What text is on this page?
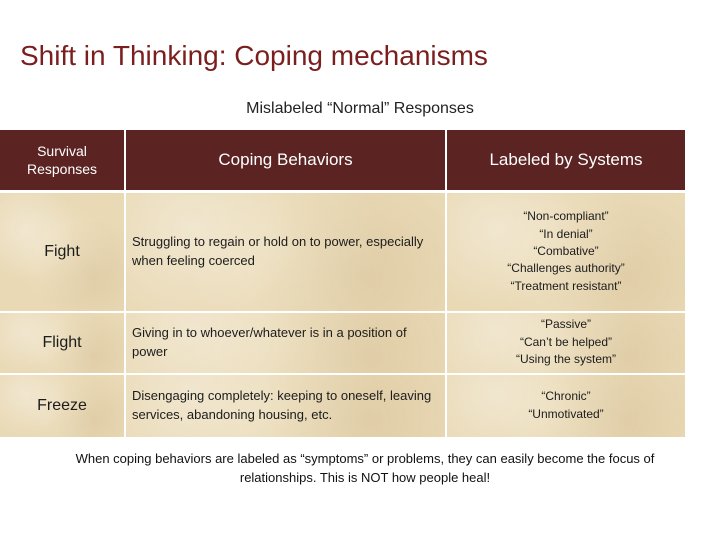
Shift in Thinking: Coping mechanisms
Mislabeled “Normal” Responses
Survival Responses	Coping Behaviors	Labeled by Systems
Fight	Struggling to regain or hold on to power, especially when feeling coerced	“Non-compliant”
“In denial”
“Combative”
“Challenges authority”
“Treatment resistant”

Flight	Giving in to whoever/whatever is in a position of power	“Passive”
“Can’t be helped”
“Using the system”

Freeze	Disengaging completely: keeping to oneself, leaving services, abandoning housing, etc.	“Chronic”
“Unmotivated”
When coping behaviors are labeled as “symptoms” or problems, they can easily become the focus of relationships. This is NOT how people heal!
